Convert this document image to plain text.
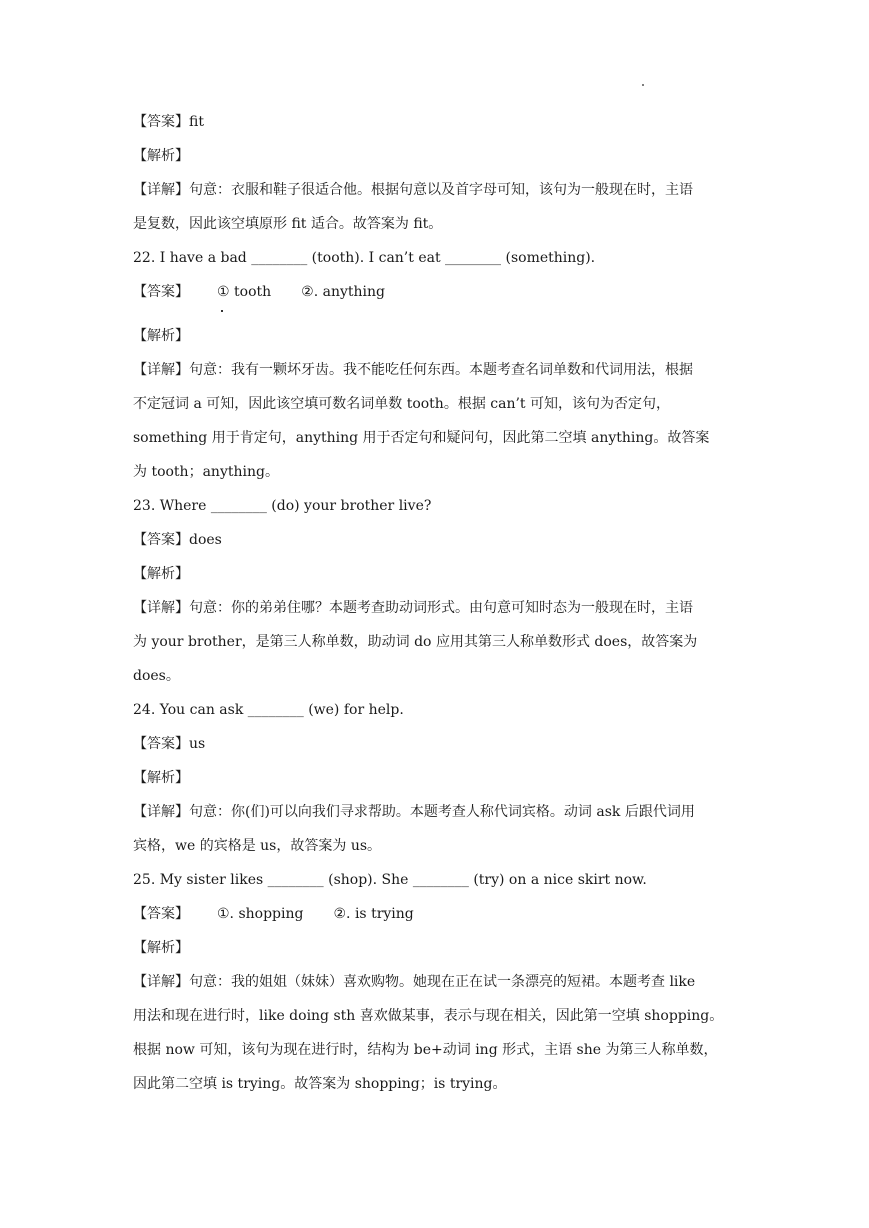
【答案】fit
【解析】
【详解】句意：衣服和鞋子很适合他。根据句意以及首字母可知，该句为一般现在时，主语
是复数，因此该空填原形 fit 适合。故答案为 fit。
22. I have a bad ________ (tooth). I can’t eat ________ (something).
【答案】 ① tooth ②. anything
【解析】
【详解】句意：我有一颗坏牙齿。我不能吃任何东西。本题考查名词单数和代词用法，根据
不定冠词 a 可知，因此该空填可数名词单数 tooth。根据 can’t 可知，该句为否定句，
something 用于肯定句，anything 用于否定句和疑问句，因此第二空填 anything。故答案
为 tooth；anything。
23. Where ________ (do) your brother live?
【答案】does
【解析】
【详解】句意：你的弟弟住哪？本题考查助动词形式。由句意可知时态为一般现在时，主语
为 your brother，是第三人称单数，助动词 do 应用其第三人称单数形式 does，故答案为
does。
24. You can ask ________ (we) for help.
【答案】us
【解析】
【详解】句意：你(们)可以向我们寻求帮助。本题考查人称代词宾格。动词 ask 后跟代词用
宾格，we 的宾格是 us，故答案为 us。
25. My sister likes ________ (shop). She ________ (try) on a nice skirt now.
【答案】 ①. shopping ②. is trying
【解析】
【详解】句意：我的姐姐（妹妹）喜欢购物。她现在正在试一条漂亮的短裙。本题考查 like
用法和现在进行时，like doing sth 喜欢做某事，表示与现在相关，因此第一空填 shopping。
根据 now 可知，该句为现在进行时，结构为 be+动词 ing 形式，主语 she 为第三人称单数，
因此第二空填 is trying。故答案为 shopping；is trying。
